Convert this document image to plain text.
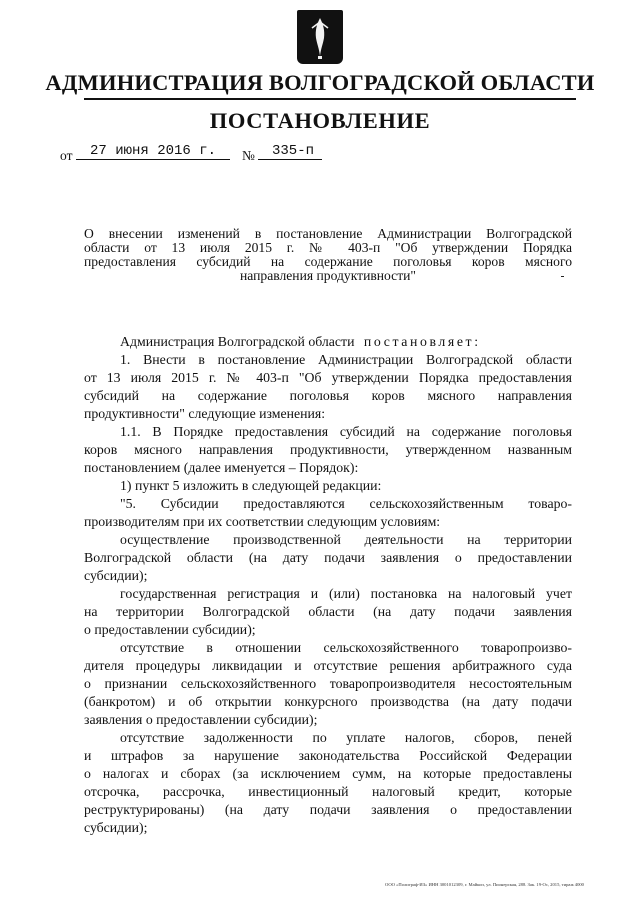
АДМИНИСТРАЦИЯ ВОЛГОГРАДСКОЙ ОБЛАСТИ
ПОСТАНОВЛЕНИЕ
от	27 июня 2016 г.	№	335-п
О внесении изменений в постановление Администрации Волгоградской
области от 13 июля 2015 г. № 403-п "Об утверждении Порядка
предоставления субсидий на содержание поголовья коров мясного
направления продуктивности"
Администрация Волгоградской области постановляет:
1. Внести в постановление Администрации Волгоградской области
от 13 июля 2015 г. № 403-п "Об утверждении Порядка предоставления
субсидий на содержание поголовья коров мясного направления
продуктивности" следующие изменения:
1.1. В Порядке предоставления субсидий на содержание поголовья
коров мясного направления продуктивности, утвержденном названным
постановлением (далее именуется – Порядок):
1) пункт 5 изложить в следующей редакции:
"5. Субсидии предоставляются сельскохозяйственным товаро-
производителям при их соответствии следующим условиям:
осуществление производственной деятельности на территории
Волгоградской области (на дату подачи заявления о предоставлении
субсидии);
государственная регистрация и (или) постановка на налоговый учет
на территории Волгоградской области (на дату подачи заявления
о предоставлении субсидии);
отсутствие в отношении сельскохозяйственного товаропроизво-
дителя процедуры ликвидации и отсутствие решения арбитражного суда
о признании сельскохозяйственного товаропроизводителя несостоятельным
(банкротом) и об открытии конкурсного производства (на дату подачи
заявления о предоставлении субсидии);
отсутствие задолженности по уплате налогов, сборов, пеней
и штрафов за нарушение законодательства Российской Федерации
о налогах и сборах (за исключением сумм, на которые предоставлены
отсрочка, рассрочка, инвестиционный налоговый кредит, которые
реструктурированы) (на дату подачи заявления о предоставлении
субсидии);
ООО «Полиграф-ИЗ» ИНН 3001012309, г. Майкоп, ул. Пионерская, 288. Зак. 19-Ос, 2015, тираж 4000
